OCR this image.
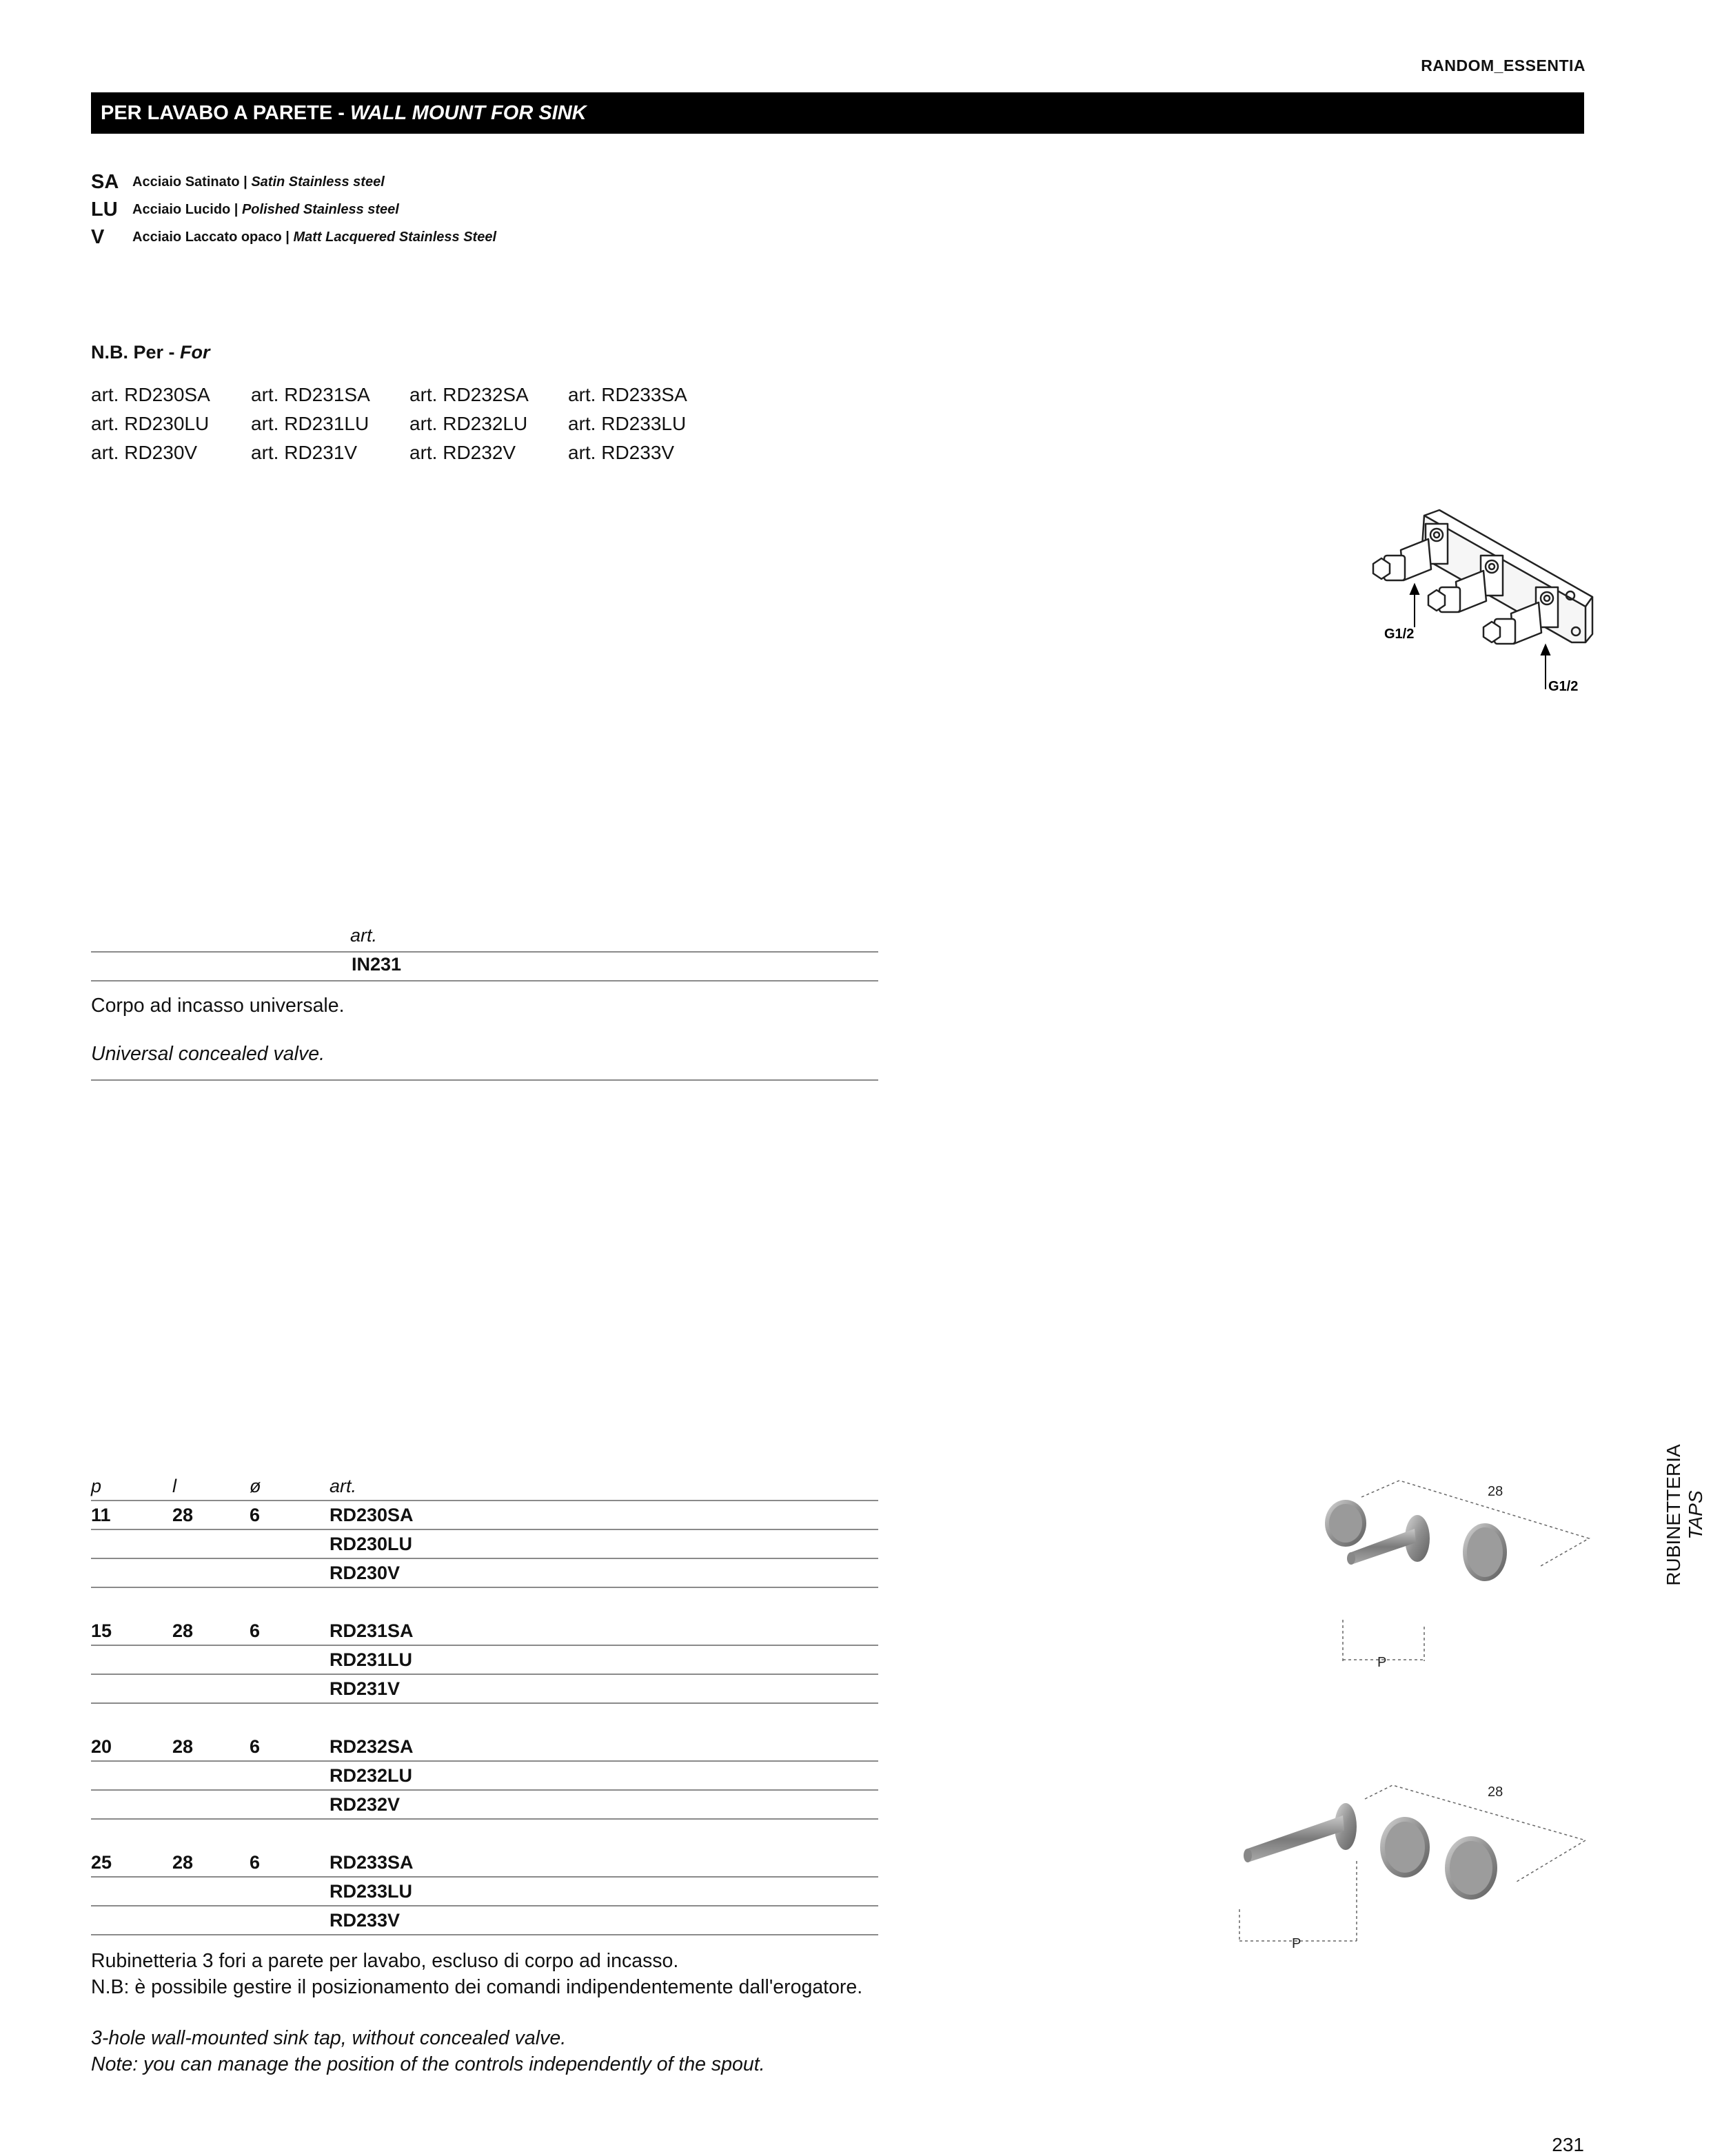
RANDOM_ESSENTIA
PER LAVABO A PARETE - WALL MOUNT FOR SINK
SA Acciaio Satinato | Satin Stainless steel
LU	Acciaio Lucido | Polished Stainless steel
V	Acciaio Laccato opaco | Matt Lacquered Stainless Steel
N.B. Per - For
art. RD230SA	art. RD231SA	art. RD232SA	art. RD233SA
art. RD230LU	art. RD231LU	art. RD232LU	art. RD233LU
art. RD230V	art. RD231V	art. RD232V	art. RD233V
G1/2
G1/2
art.
IN231
Corpo ad incasso universale.
Universal concealed valve.
p	l	ø	art.
11	28	6	RD230SA
RD230LU
RD230V
15	28	6	RD231SA
RD231LU
RD231V
20	28	6	RD232SA
RD232LU
RD232V
25	28	6	RD233SA
RD233LU
RD233V
Rubinetteria 3 fori a parete per lavabo, escluso di corpo ad incasso.
N.B: è possibile gestire il posizionamento dei comandi indipendentemente dall'erogatore.
3-hole wall-mounted sink tap, without concealed valve.
Note: you can manage the position of the controls independently of the spout.
28
P
28
P
RUBINETTERIA TAPS
231
